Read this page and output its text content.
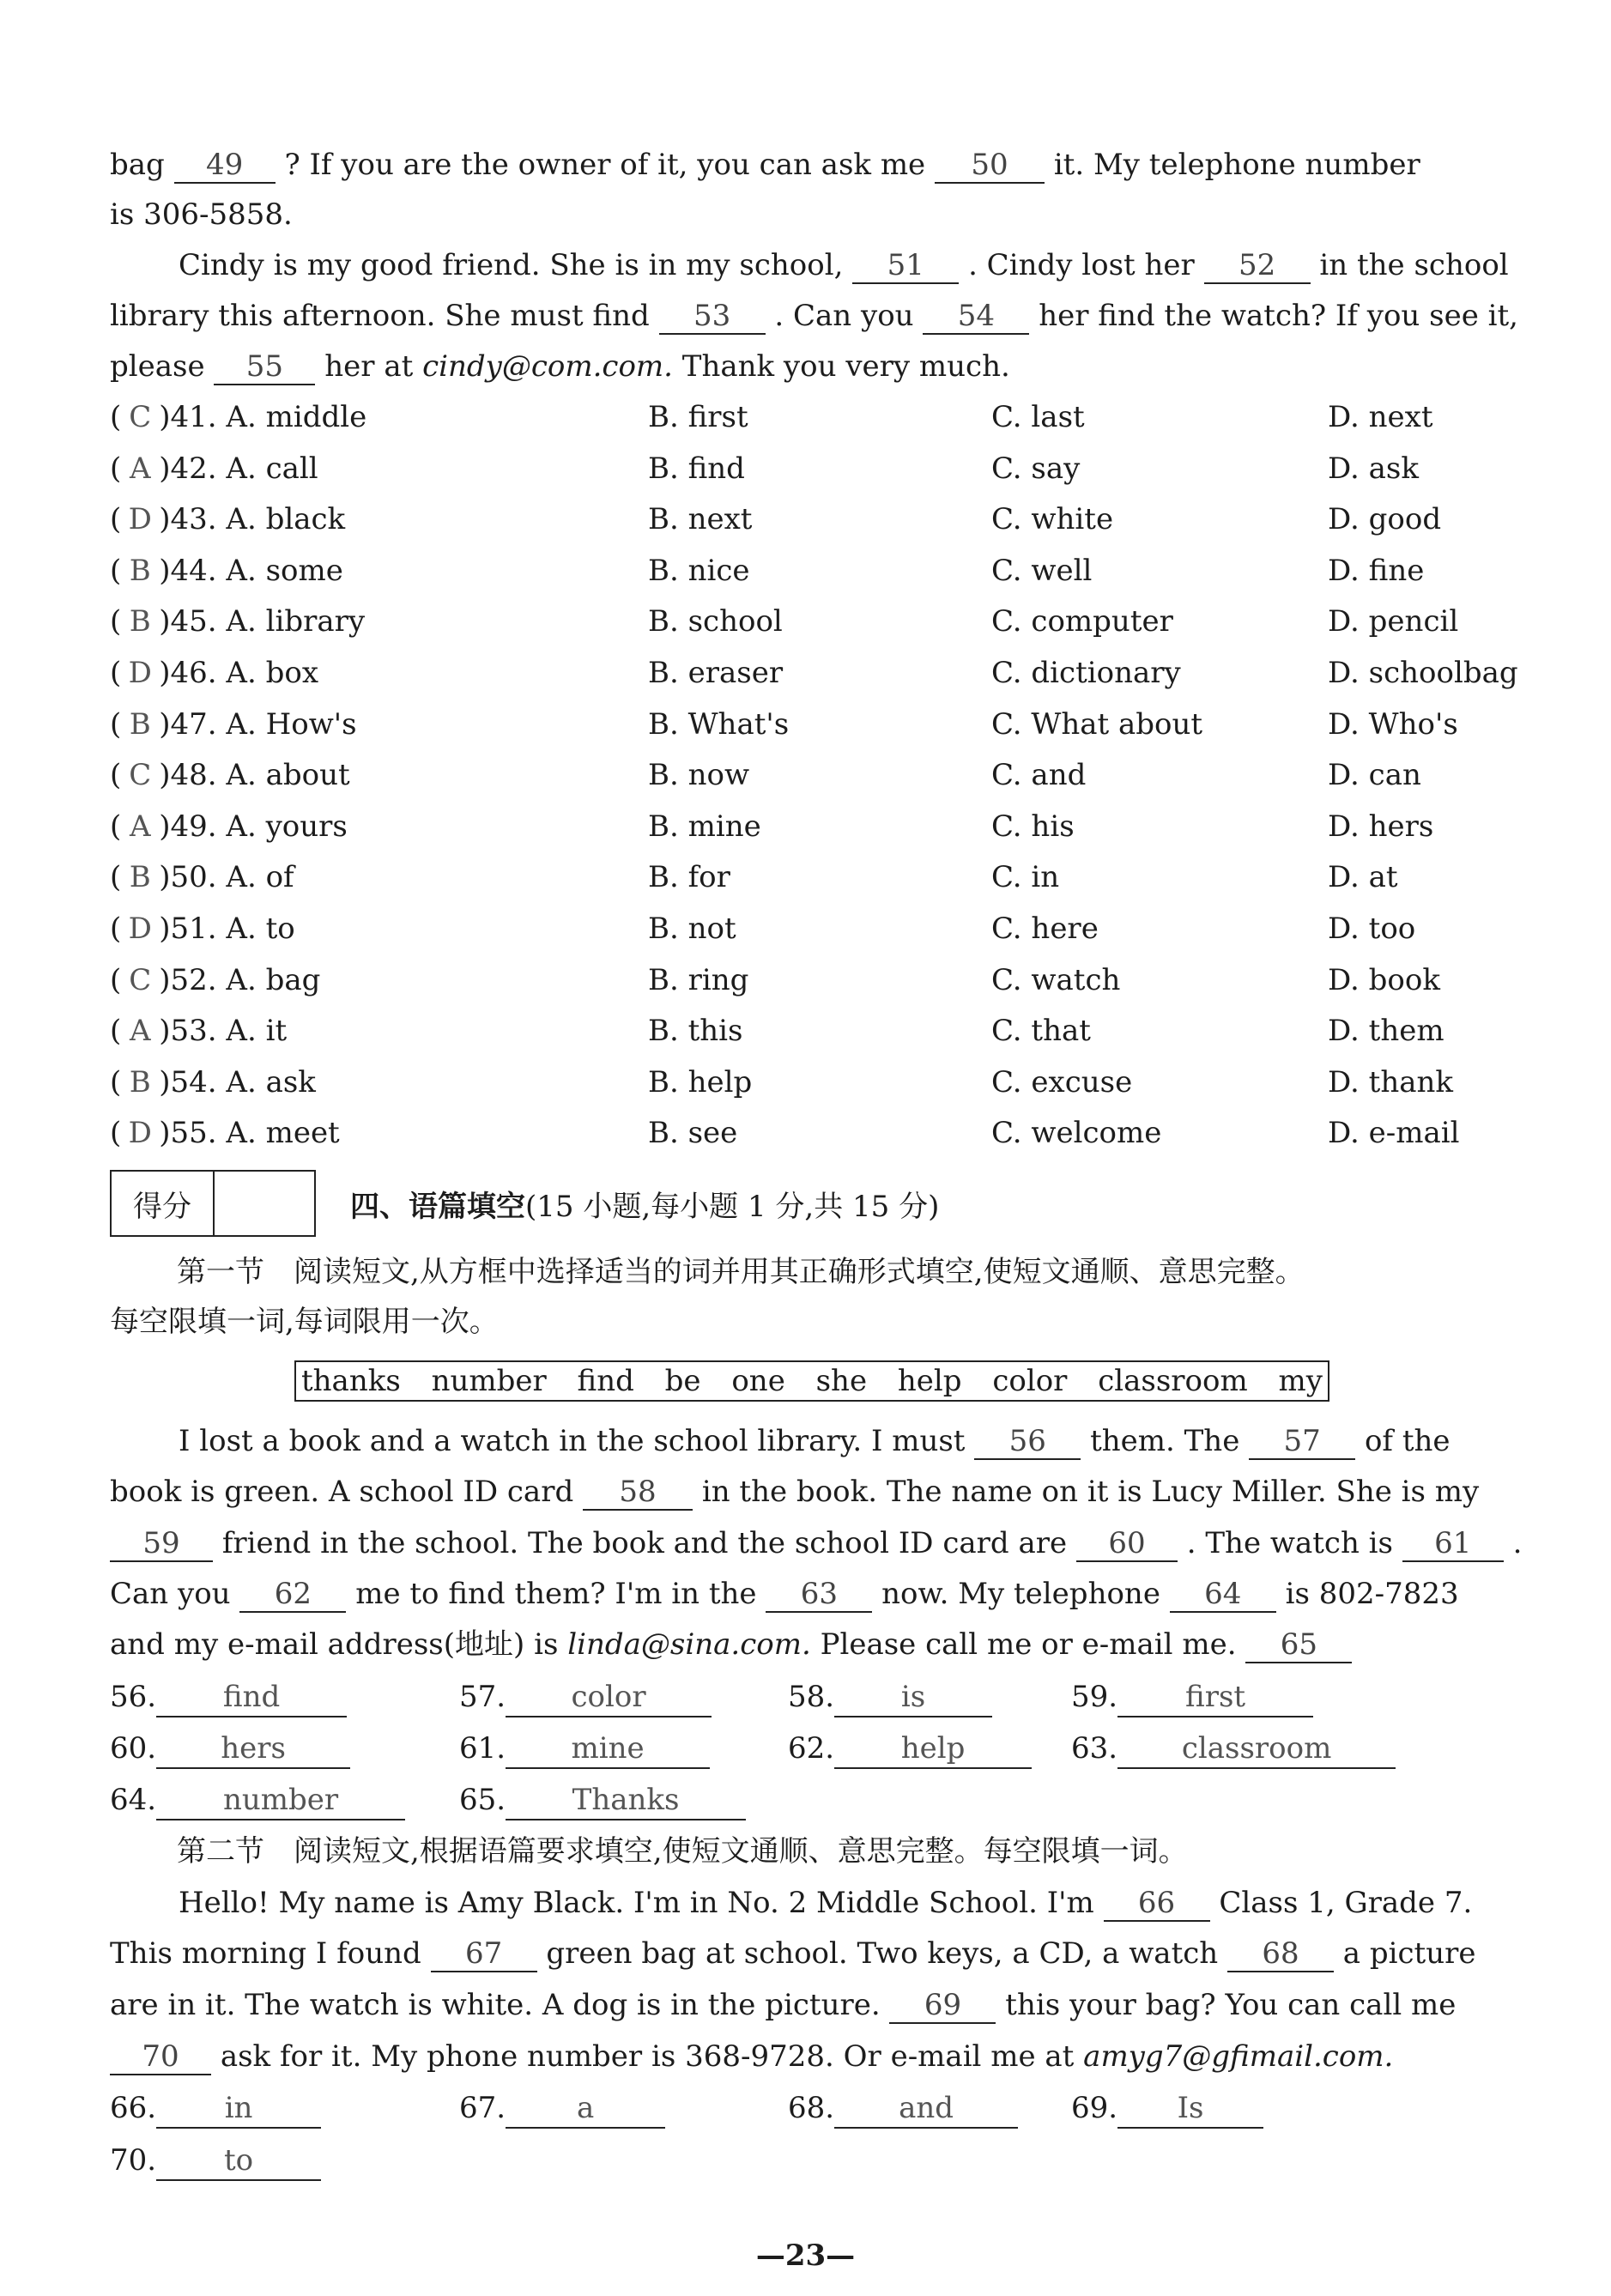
bag 49 ? If you are the owner of it, you can ask me 50 it. My telephone number
is 306-5858.
Cindy is my good friend. She is in my school, 51 . Cindy lost her 52 in the school
library this afternoon. She must find 53 . Can you 54 her find the watch? If you see it,
please 55 her at cindy@com.com. Thank you very much.
( C )41. A. middle	B. first	C. last	D. next
( A )42. A. call	B. find	C. say	D. ask
( D )43. A. black	B. next	C. white	D. good
( B )44. A. some	B. nice	C. well	D. fine
( B )45. A. library	B. school	C. computer	D. pencil
( D )46. A. box	B. eraser	C. dictionary	D. schoolbag
( B )47. A. How's	B. What's	C. What about	D. Who's
( C )48. A. about	B. now	C. and	D. can
( A )49. A. yours	B. mine	C. his	D. hers
( B )50. A. of	B. for	C. in	D. at
( D )51. A. to	B. not	C. here	D. too
( C )52. A. bag	B. ring	C. watch	D. book
( A )53. A. it	B. this	C. that	D. them
( B )54. A. ask	B. help	C. excuse	D. thank
( D )55. A. meet	B. see	C. welcome	D. e-mail
得分	四、语篇填空(15 小题,每小题 1 分,共 15 分)
第一节　阅读短文,从方框中选择适当的词并用其正确形式填空,使短文通顺、意思完整。
每空限填一词,每词限用一次。
thanks number find be one she help color classroom my
I lost a book and a watch in the school library. I must 56 them. The 57 of the
book is green. A school ID card 58 in the book. The name on it is Lucy Miller. She is my
59 friend in the school. The book and the school ID card are 60 . The watch is 61 .
Can you 62 me to find them? I'm in the 63 now. My telephone 64 is 802-7823
and my e-mail address(地址) is linda@sina.com. Please call me or e-mail me. 65
56. find	57. color	58. is	59. first
60. hers	61. mine	62. help	63. classroom
64. number	65. Thanks
第二节　阅读短文,根据语篇要求填空,使短文通顺、意思完整。每空限填一词。
Hello! My name is Amy Black. I'm in No. 2 Middle School. I'm 66 Class 1, Grade 7.
This morning I found 67 green bag at school. Two keys, a CD, a watch 68 a picture
are in it. The watch is white. A dog is in the picture. 69 this your bag? You can call me
70 ask for it. My phone number is 368-9728. Or e-mail me at amyg7@gfimail.com.
66. in	67. a	68. and	69. Is
70. to
—23—
